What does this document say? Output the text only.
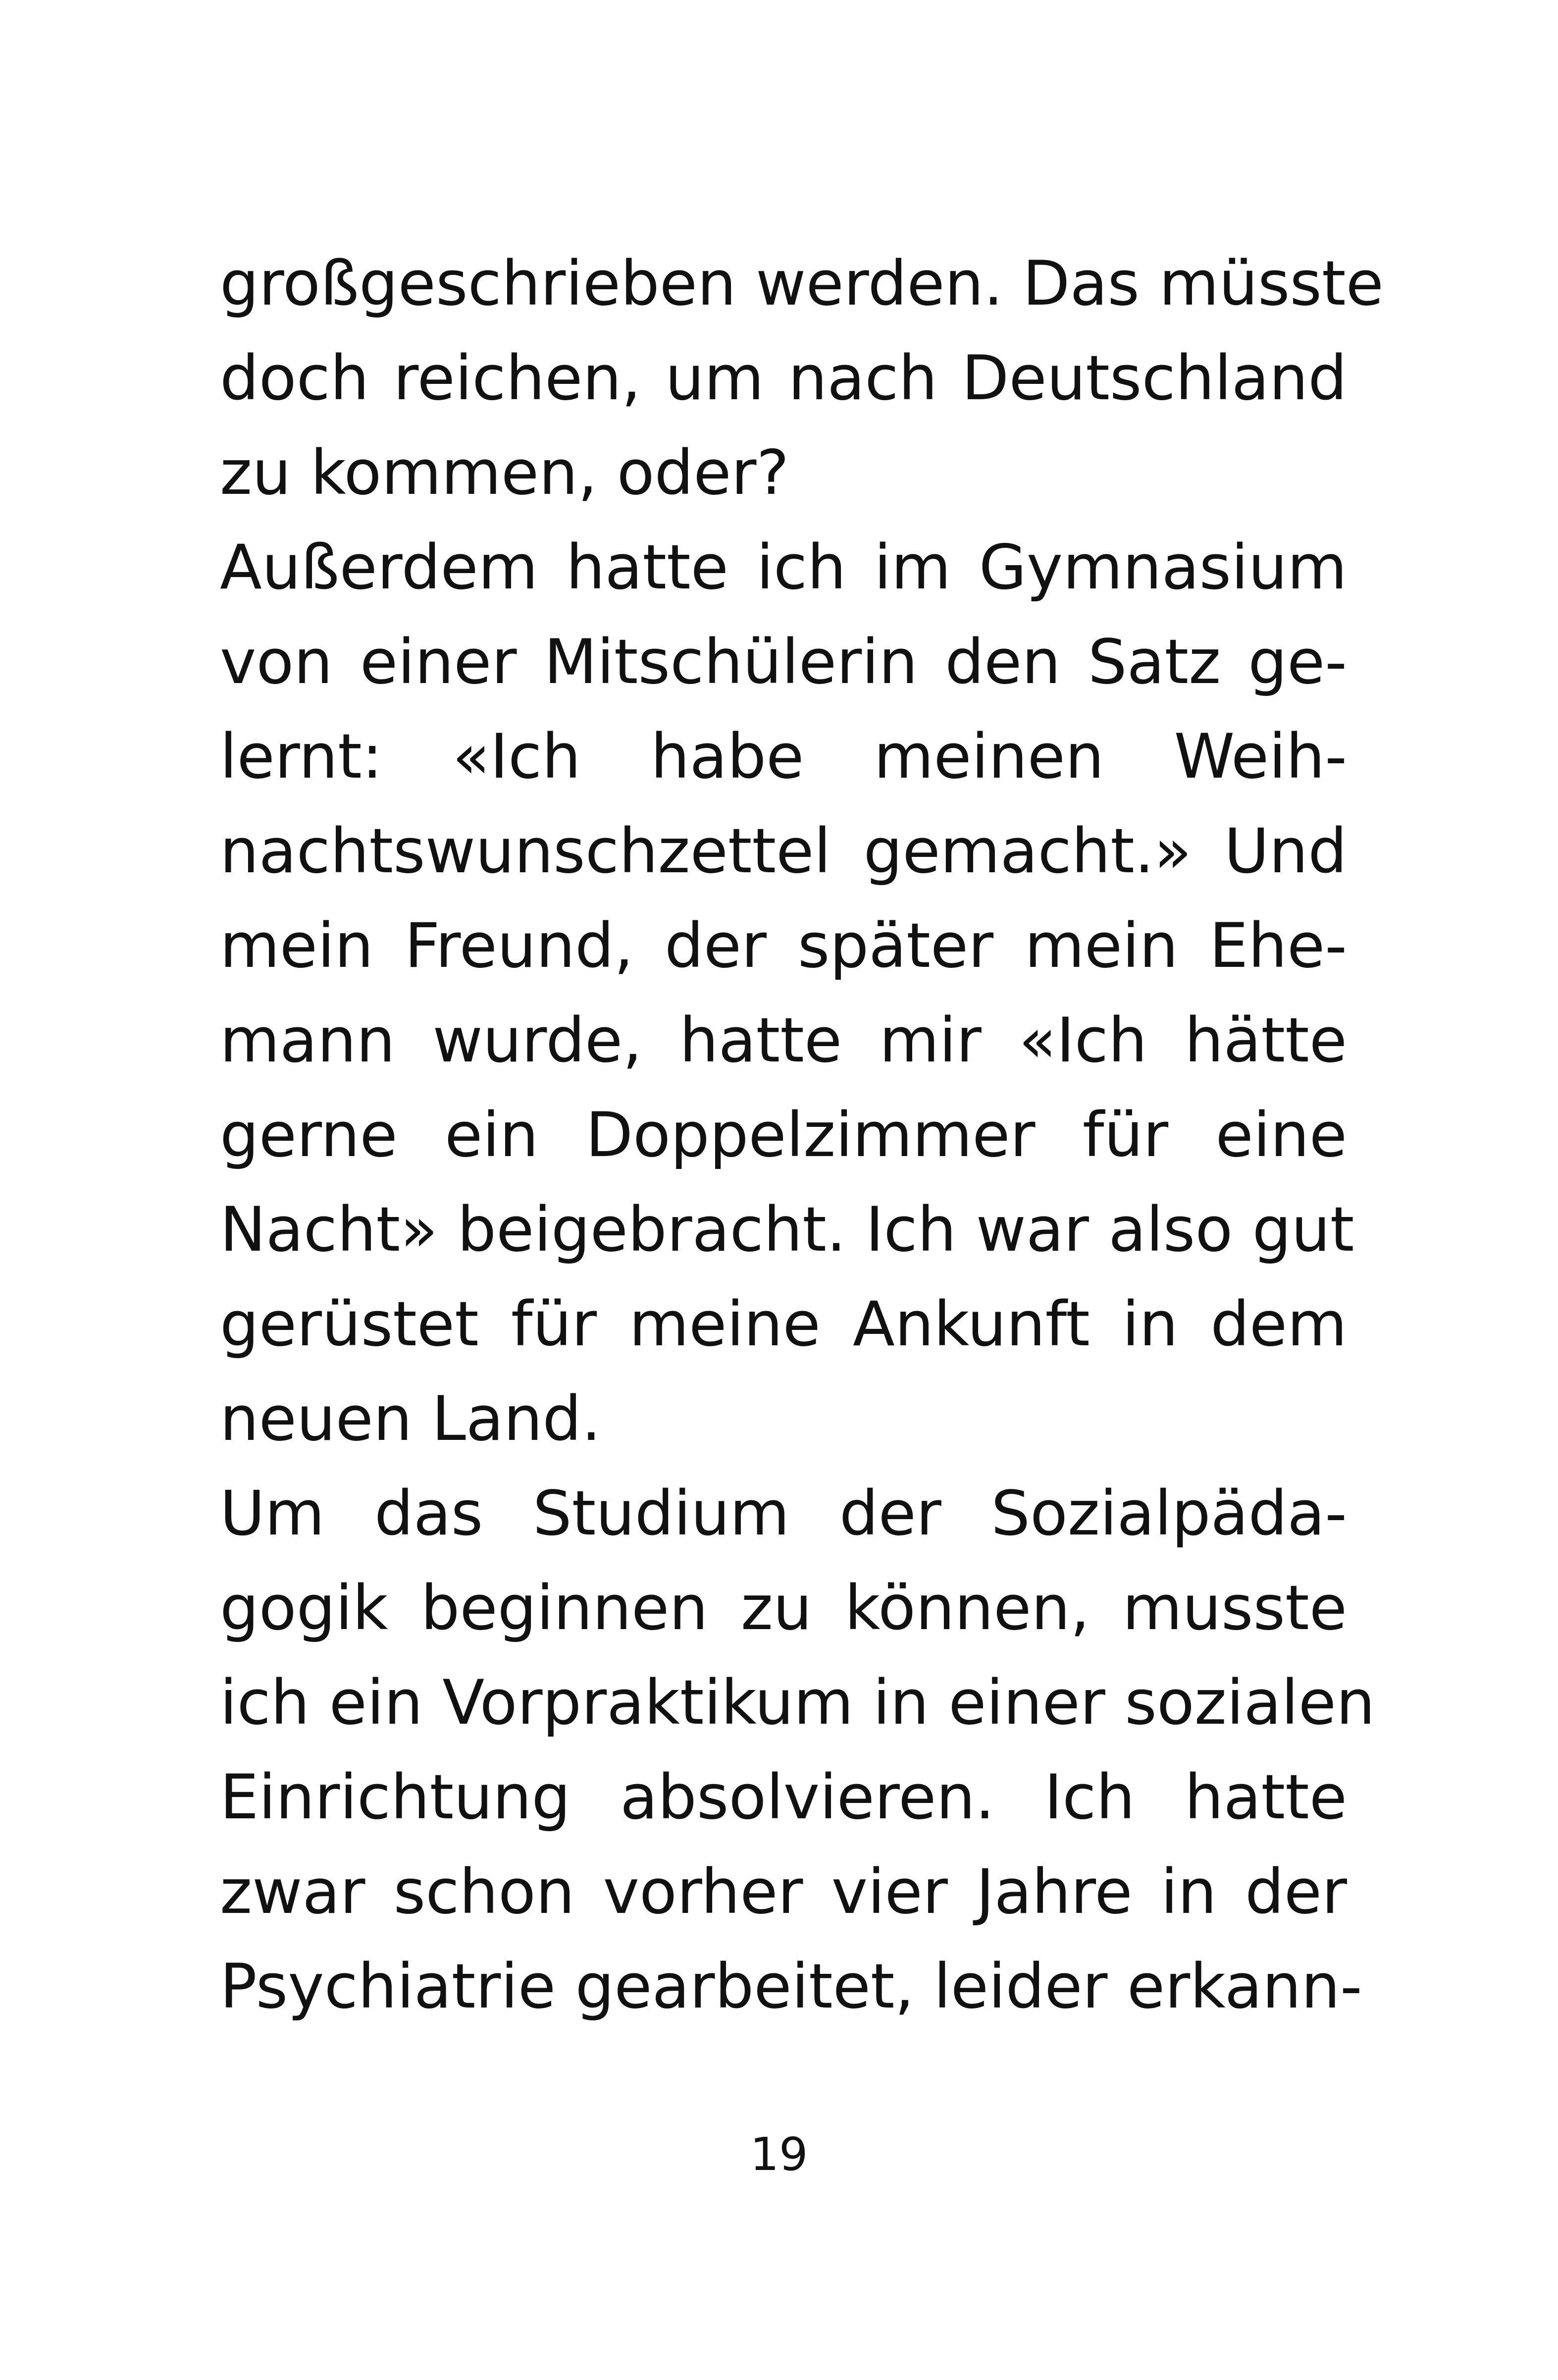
großgeschrieben werden. Das müsste
doch reichen, um nach Deutschland
zu kommen, oder?
Außerdem hatte ich im Gymnasium
von einer Mitschülerin den Satz ge-
lernt: «Ich habe meinen Weih-
nachtswunschzettel gemacht.» Und
mein Freund, der später mein Ehe-
mann wurde, hatte mir «Ich hätte
gerne ein Doppelzimmer für eine
Nacht» beigebracht. Ich war also gut
gerüstet für meine Ankunft in dem
neuen Land.
Um das Studium der Sozialpäda-
gogik beginnen zu können, musste
ich ein Vorpraktikum in einer sozialen
Einrichtung absolvieren. Ich hatte
zwar schon vorher vier Jahre in der
Psychiatrie gearbeitet, leider erkann-
19
